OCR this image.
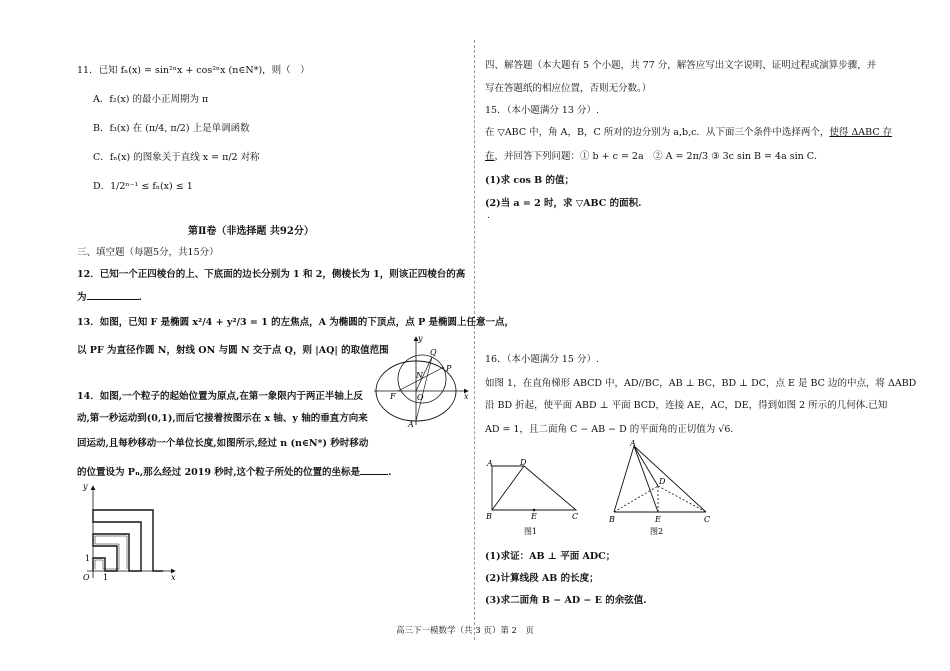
11．已知 fₙ(x) = sin²ⁿx + cos²ⁿx (n∈N*)，则（　）
A．f₂(x) 的最小正周期为 π
B．f₃(x) 在 (π/4, π/2) 上是单调函数
C．fₙ(x) 的图象关于直线 x = π/2 对称
D．1/2ⁿ⁻¹ ≤ fₙ(x) ≤ 1
第Ⅱ卷（非选择题 共92分）
三、填空题（每题5分，共15分）
12．已知一个正四棱台的上、下底面的边长分别为 1 和 2，侧棱长为 1，则该正四棱台的高
为	.
13．如图，已知 F 是椭圆 x²/4 + y²/3 = 1 的左焦点，A 为椭圆的下顶点，点 P 是椭圆上任意一点，
以 PF 为直径作圆 N，射线 ON 与圆 N 交于点 Q，则 |AQ| 的取值范围
14．如图,一个粒子的起始位置为原点,在第一象限内于两正半轴上反
动,第一秒运动到(0,1),而后它接着按图示在 x 轴、y 轴的垂直方向来
回运动,且每秒移动一个单位长度,如图所示,经过 n (n∈N*) 秒时移动
的位置设为 Pₙ,那么经过 2019 秒时,这个粒子所处的位置的坐标是	.
y
x
Q
P
N
F	O
A
y
x
O 1
1
四、解答题（本大题有 5 个小题，共 77 分，解答应写出文字说明、证明过程或演算步骤，并
写在答题纸的相应位置，否则无分数。）
15．（本小题满分 13 分）.
在 ▽ABC 中，角 A，B，C 所对的边分别为 a,b,c．从下面三个条件中选择两个，使得 ΔABC 存
在，并回答下列问题：① b + c = 2a　② A = 2π/3 ③ 3c sin B = 4a sin C．
(1)求 cos B 的值；
(2)当 a = 2 时，求 ▽ABC 的面积.
.
16．（本小题满分 15 分）.
如图 1，在直角梯形 ABCD 中，AD//BC，AB ⊥ BC，BD ⊥ DC，点 E 是 BC 边的中点，将 ΔABD
沿 BD 折起，使平面 ABD ⊥ 平面 BCD，连接 AE，AC，DE，得到如图 2 所示的几何体.已知
AD = 1，且二面角 C − AB − D 的平面角的正切值为 √6．
A	D
B	E	C
图1
A
D
B	E	C
图2
(1)求证：AB ⊥ 平面 ADC；
(2)计算线段 AB 的长度；
(3)求二面角 B − AD − E 的余弦值.
高三下一模数学（共 3 页）第 2　页
